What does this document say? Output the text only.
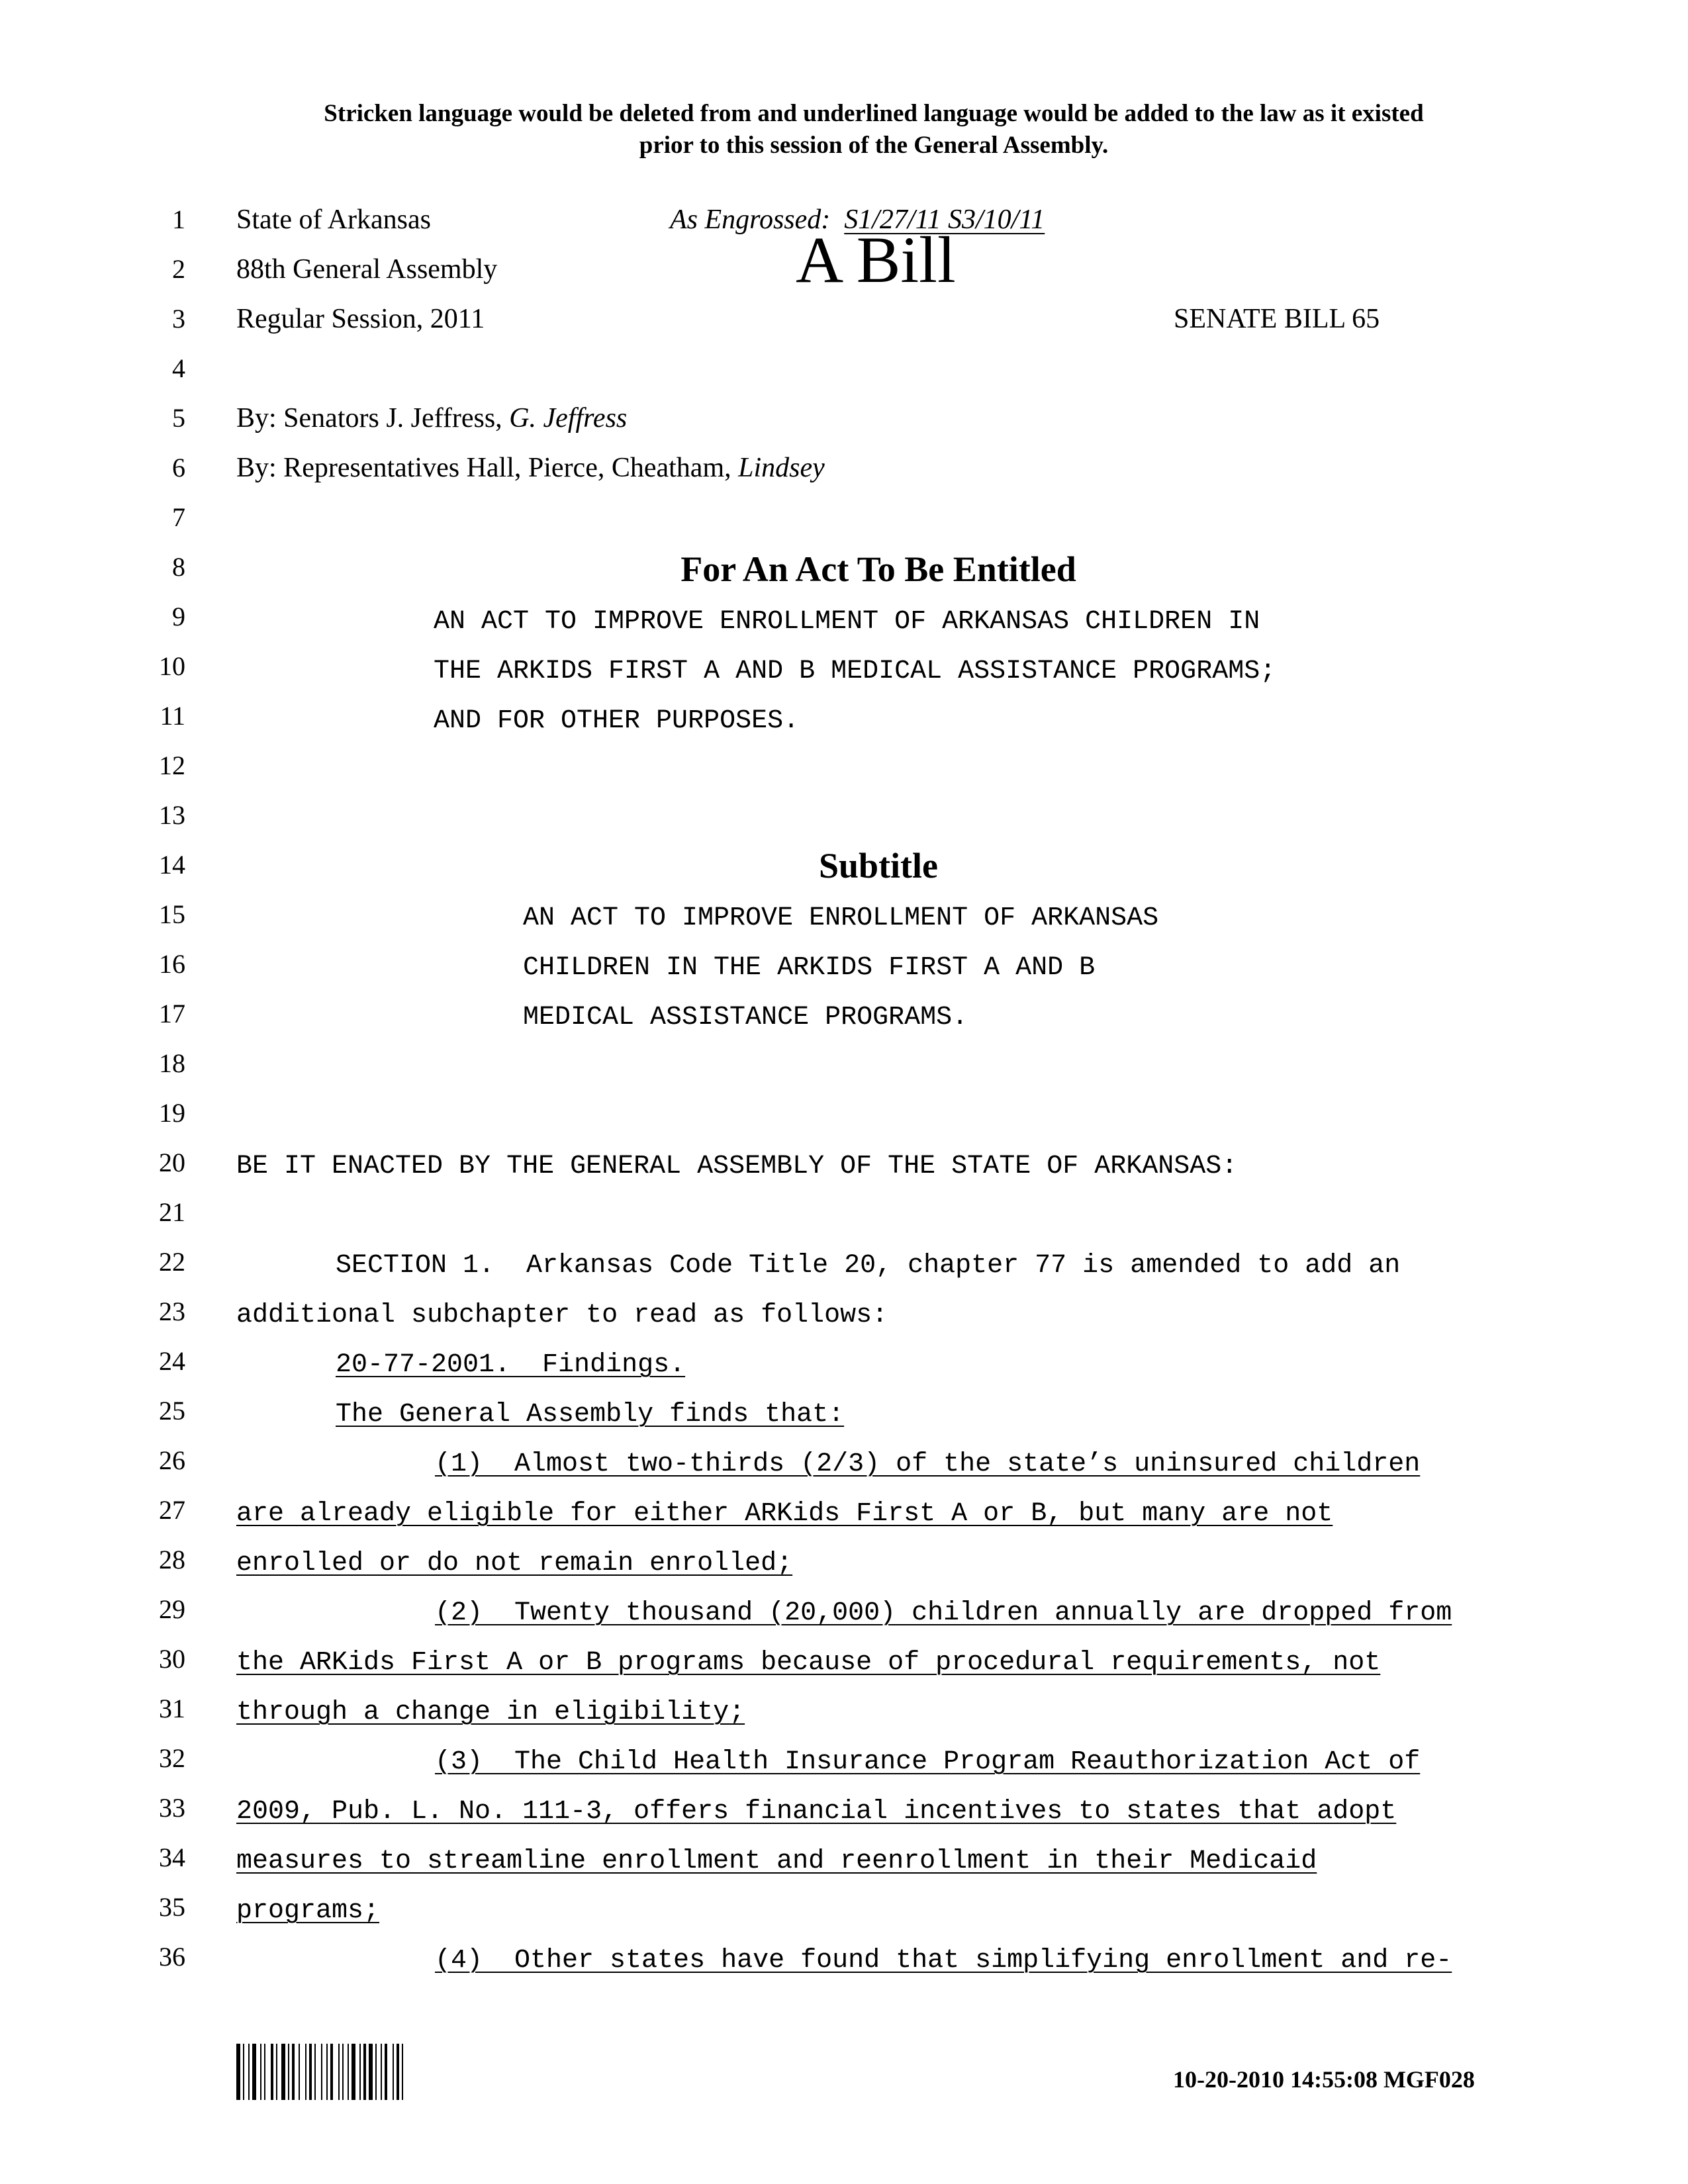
Stricken language would be deleted from and underlined language would be added to the law as it existed
prior to this session of the General Assembly.
1
2
3
4
5
6
7
8
9
10
11
12
13
14
15
16
17
18
19
20
21
22
23
24
25
26
27
28
29
30
31
32
33
34
35
36
State of Arkansas
88th General Assembly
Regular Session, 2011
As Engrossed: S1/27/11 S3/10/11
A Bill
SENATE BILL 65
By: Senators J. Jeffress, G. Jeffress
By: Representatives Hall, Pierce, Cheatham, Lindsey
For An Act To Be Entitled
AN ACT TO IMPROVE ENROLLMENT OF ARKANSAS CHILDREN IN
THE ARKIDS FIRST A AND B MEDICAL ASSISTANCE PROGRAMS;
AND FOR OTHER PURPOSES.
Subtitle
AN ACT TO IMPROVE ENROLLMENT OF ARKANSAS
CHILDREN IN THE ARKIDS FIRST A AND B
MEDICAL ASSISTANCE PROGRAMS.
BE IT ENACTED BY THE GENERAL ASSEMBLY OF THE STATE OF ARKANSAS:
SECTION 1.  Arkansas Code Title 20, chapter 77 is amended to add an
additional subchapter to read as follows:
20-77-2001.  Findings.
The General Assembly finds that:
(1)  Almost two-thirds (2/3) of the state’s uninsured children
are already eligible for either ARKids First A or B, but many are not
enrolled or do not remain enrolled;
(2)  Twenty thousand (20,000) children annually are dropped from
the ARKids First A or B programs because of procedural requirements, not
through a change in eligibility;
(3)  The Child Health Insurance Program Reauthorization Act of
2009, Pub. L. No. 111-3, offers financial incentives to states that adopt
measures to streamline enrollment and reenrollment in their Medicaid
programs;
(4)  Other states have found that simplifying enrollment and re-
10-20-2010 14:55:08 MGF028
